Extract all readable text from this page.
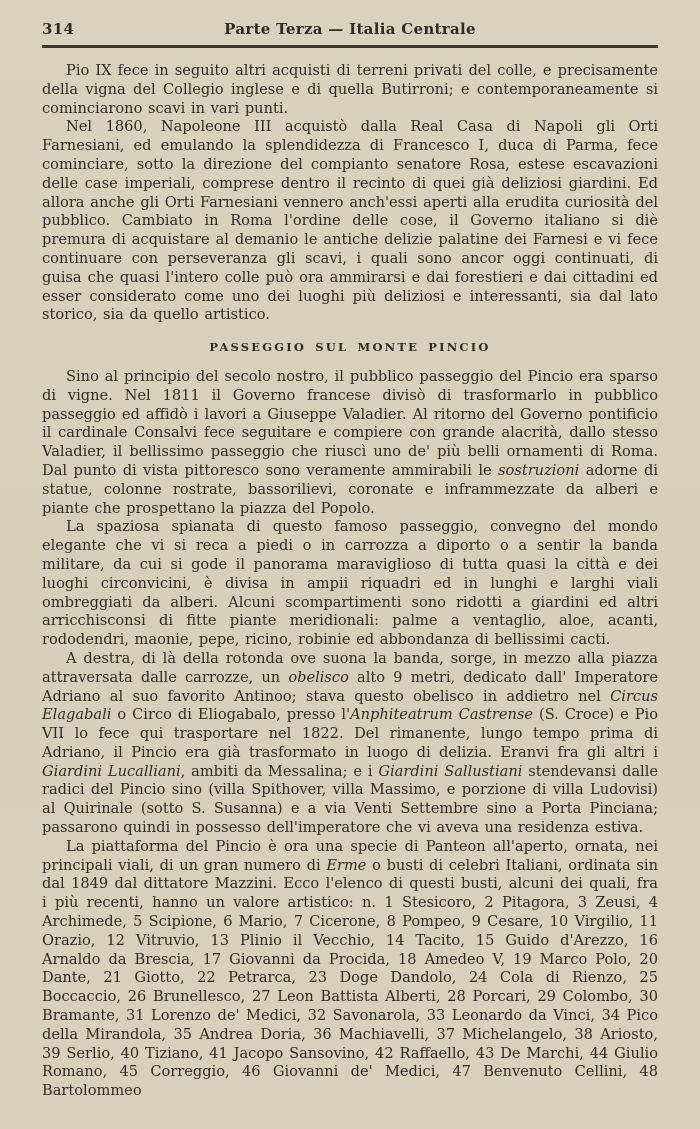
314	Parte Terza — Italia Centrale

Pio IX fece in seguito altri acquisti di terreni privati del colle, e precisamente della vigna del Collegio inglese e di quella Butirroni; e contemporaneamente si cominciarono scavi in vari punti.

Nel 1860, Napoleone III acquistò dalla Real Casa di Napoli gli Orti Farnesiani, ed emulando la splendidezza di Francesco I, duca di Parma, fece cominciare, sotto la direzione del compianto senatore Rosa, estese escavazioni delle case imperiali, comprese dentro il recinto di quei già deliziosi giardini. Ed allora anche gli Orti Farnesiani vennero anch'essi aperti alla erudita curiosità del pubblico. Cambiato in Roma l'ordine delle cose, il Governo italiano si diè premura di acquistare al demanio le antiche delizie palatine dei Farnesi e vi fece continuare con perseveranza gli scavi, i quali sono ancor oggi continuati, di guisa che quasi l'intero colle può ora ammirarsi e dai forestieri e dai cittadini ed esser considerato come uno dei luoghi più deliziosi e interessanti, sia dal lato storico, sia da quello artistico.

PASSEGGIO SUL MONTE PINCIO

Sino al principio del secolo nostro, il pubblico passeggio del Pincio era sparso di vigne. Nel 1811 il Governo francese divisò di trasformarlo in pubblico passeggio ed affidò i lavori a Giuseppe Valadier. Al ritorno del Governo pontificio il cardinale Consalvi fece seguitare e compiere con grande alacrità, dallo stesso Valadier, il bellissimo passeggio che riuscì uno de' più belli ornamenti di Roma. Dal punto di vista pittoresco sono veramente ammirabili le sostruzioni adorne di statue, colonne rostrate, bassorilievi, coronate e inframmezzate da alberi e piante che prospettano la piazza del Popolo.

La spaziosa spianata di questo famoso passeggio, convegno del mondo elegante che vi si reca a piedi o in carrozza a diporto o a sentir la banda militare, da cui si gode il panorama maraviglioso di tutta quasi la città e dei luoghi circonvicini, è divisa in ampii riquadri ed in lunghi e larghi viali ombreggiati da alberi. Alcuni scompartimenti sono ridotti a giardini ed altri arricchisconsi di fitte piante meridionali: palme a ventaglio, aloe, acanti, rododendri, maonie, pepe, ricino, robinie ed abbondanza di bellissimi cacti.

A destra, di là della rotonda ove suona la banda, sorge, in mezzo alla piazza attraversata dalle carrozze, un obelisco alto 9 metri, dedicato dall' Imperatore Adriano al suo favorito Antinoo; stava questo obelisco in addietro nel Circus Elagabali o Circo di Eliogabalo, presso l'Anphiteatrum Castrense (S. Croce) e Pio VII lo fece qui trasportare nel 1822. Del rimanente, lungo tempo prima di Adriano, il Pincio era già trasformato in luogo di delizia. Eranvi fra gli altri i Giardini Lucalliani, ambiti da Messalina; e i Giardini Sallustiani stendevansi dalle radici del Pincio sino (villa Spithover, villa Massimo, e porzione di villa Ludovisi) al Quirinale (sotto S. Susanna) e a via Venti Settembre sino a Porta Pinciana; passarono quindi in possesso dell'imperatore che vi aveva una residenza estiva.

La piattaforma del Pincio è ora una specie di Panteon all'aperto, ornata, nei principali viali, di un gran numero di Erme o busti di celebri Italiani, ordinata sin dal 1849 dal dittatore Mazzini. Ecco l'elenco di questi busti, alcuni dei quali, fra i più recenti, hanno un valore artistico: n. 1 Stesicoro, 2 Pitagora, 3 Zeusi, 4 Archimede, 5 Scipione, 6 Mario, 7 Cicerone, 8 Pompeo, 9 Cesare, 10 Virgilio, 11 Orazio, 12 Vitruvio, 13 Plinio il Vecchio, 14 Tacito, 15 Guido d'Arezzo, 16 Arnaldo da Brescia, 17 Giovanni da Procida, 18 Amedeo V, 19 Marco Polo, 20 Dante, 21 Giotto, 22 Petrarca, 23 Doge Dandolo, 24 Cola di Rienzo, 25 Boccaccio, 26 Brunellesco, 27 Leon Battista Alberti, 28 Porcari, 29 Colombo, 30 Bramante, 31 Lorenzo de' Medici, 32 Savonarola, 33 Leonardo da Vinci, 34 Pico della Mirandola, 35 Andrea Doria, 36 Machiavelli, 37 Michelangelo, 38 Ariosto, 39 Serlio, 40 Tiziano, 41 Jacopo Sansovino, 42 Raffaello, 43 De Marchi, 44 Giulio Romano, 45 Correggio, 46 Giovanni de' Medici, 47 Benvenuto Cellini, 48 Bartolommeo
